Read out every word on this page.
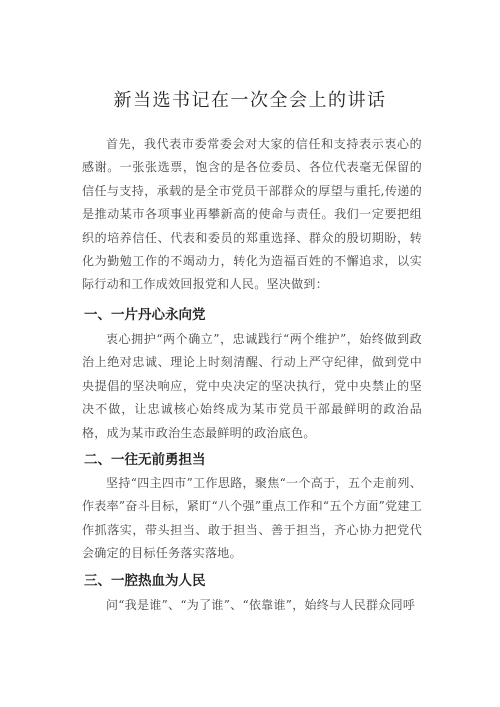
新当选书记在一次全会上的讲话
首先，我代表市委常委会对大家的信任和支持表示衷心的感谢。一张张选票，饱含的是各位委员、各位代表毫无保留的信任与支持，承载的是全市党员干部群众的厚望与重托,传递的是推动某市各项事业再攀新高的使命与责任。我们一定要把组织的培养信任、代表和委员的郑重选择、群众的殷切期盼，转化为勤勉工作的不竭动力，转化为造福百姓的不懈追求，以实际行动和工作成效回报党和人民。坚决做到：
一、一片丹心永向党
衷心拥护“两个确立”，忠诚践行“两个维护”，始终做到政治上绝对忠诚、理论上时刻清醒、行动上严守纪律，做到党中央提倡的坚决响应，党中央决定的坚决执行，党中央禁止的坚决不做，让忠诚核心始终成为某市党员干部最鲜明的政治品格，成为某市政治生态最鲜明的政治底色。
二、一往无前勇担当
坚持“四主四市”工作思路，聚焦“一个高于，五个走前列、作表率”奋斗目标，紧盯“八个强”重点工作和“五个方面”党建工作抓落实，带头担当、敢于担当、善于担当，齐心协力把党代会确定的目标任务落实落地。
三、一腔热血为人民
问“我是谁”、“为了谁”、“依靠谁”，始终与人民群众同呼
